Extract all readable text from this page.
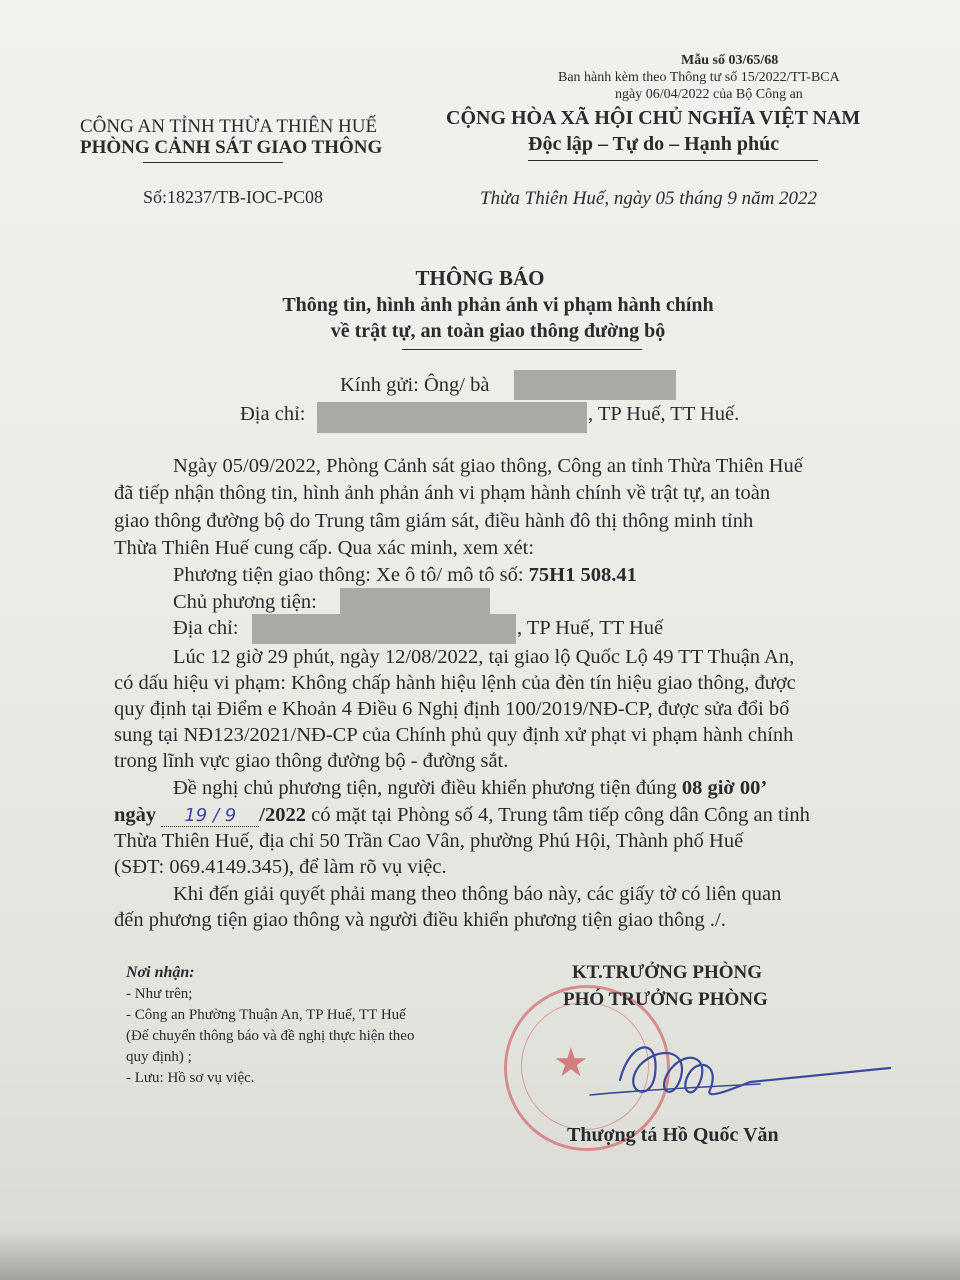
Mẫu số 03/65/68
Ban hành kèm theo Thông tư số 15/2022/TT-BCA
ngày 06/04/2022 của Bộ Công an
CÔNG AN TỈNH THỪA THIÊN HUẾ
PHÒNG CẢNH SÁT GIAO THÔNG
CỘNG HÒA XÃ HỘI CHỦ NGHĨA VIỆT NAM
Độc lập – Tự do – Hạnh phúc
Số:18237/TB-IOC-PC08	Thừa Thiên Huế, ngày 05 tháng 9 năm 2022
THÔNG BÁO
Thông tin, hình ảnh phản ánh vi phạm hành chính
về trật tự, an toàn giao thông đường bộ
Kính gửi: Ông/ bà
Địa chỉ:	, TP Huế, TT Huế.
Ngày 05/09/2022, Phòng Cảnh sát giao thông, Công an tỉnh Thừa Thiên Huế
đã tiếp nhận thông tin, hình ảnh phản ánh vi phạm hành chính về trật tự, an toàn
giao thông đường bộ do Trung tâm giám sát, điều hành đô thị thông minh tỉnh
Thừa Thiên Huế cung cấp. Qua xác minh, xem xét:
Phương tiện giao thông: Xe ô tô/ mô tô số: 75H1 508.41
Chủ phương tiện:
Địa chỉ:	, TP Huế, TT Huế
Lúc 12 giờ 29 phút, ngày 12/08/2022, tại giao lộ Quốc Lộ 49 TT Thuận An,
có dấu hiệu vi phạm: Không chấp hành hiệu lệnh của đèn tín hiệu giao thông, được
quy định tại Điểm e Khoản 4 Điều 6 Nghị định 100/2019/NĐ-CP, được sửa đổi bổ
sung tại NĐ123/2021/NĐ-CP của Chính phủ quy định xử phạt vi phạm hành chính
trong lĩnh vực giao thông đường bộ - đường sắt.
Đề nghị chủ phương tiện, người điều khiển phương tiện đúng 08 giờ 00’
ngày 19 / 9 /2022 có mặt tại Phòng số 4, Trung tâm tiếp công dân Công an tỉnh
Thừa Thiên Huế, địa chỉ 50 Trần Cao Vân, phường Phú Hội, Thành phố Huế
(SĐT: 069.4149.345), để làm rõ vụ việc.
Khi đến giải quyết phải mang theo thông báo này, các giấy tờ có liên quan
đến phương tiện giao thông và người điều khiển phương tiện giao thông ./.
Nơi nhận:
- Như trên;
- Công an Phường Thuận An, TP Huế, TT Huế
(Để chuyển thông báo và đề nghị thực hiện theo
quy định) ;
- Lưu: Hồ sơ vụ việc.	★
KT.TRƯỞNG PHÒNG
PHÓ TRƯỞNG PHÒNG
Thượng tá Hồ Quốc Văn
